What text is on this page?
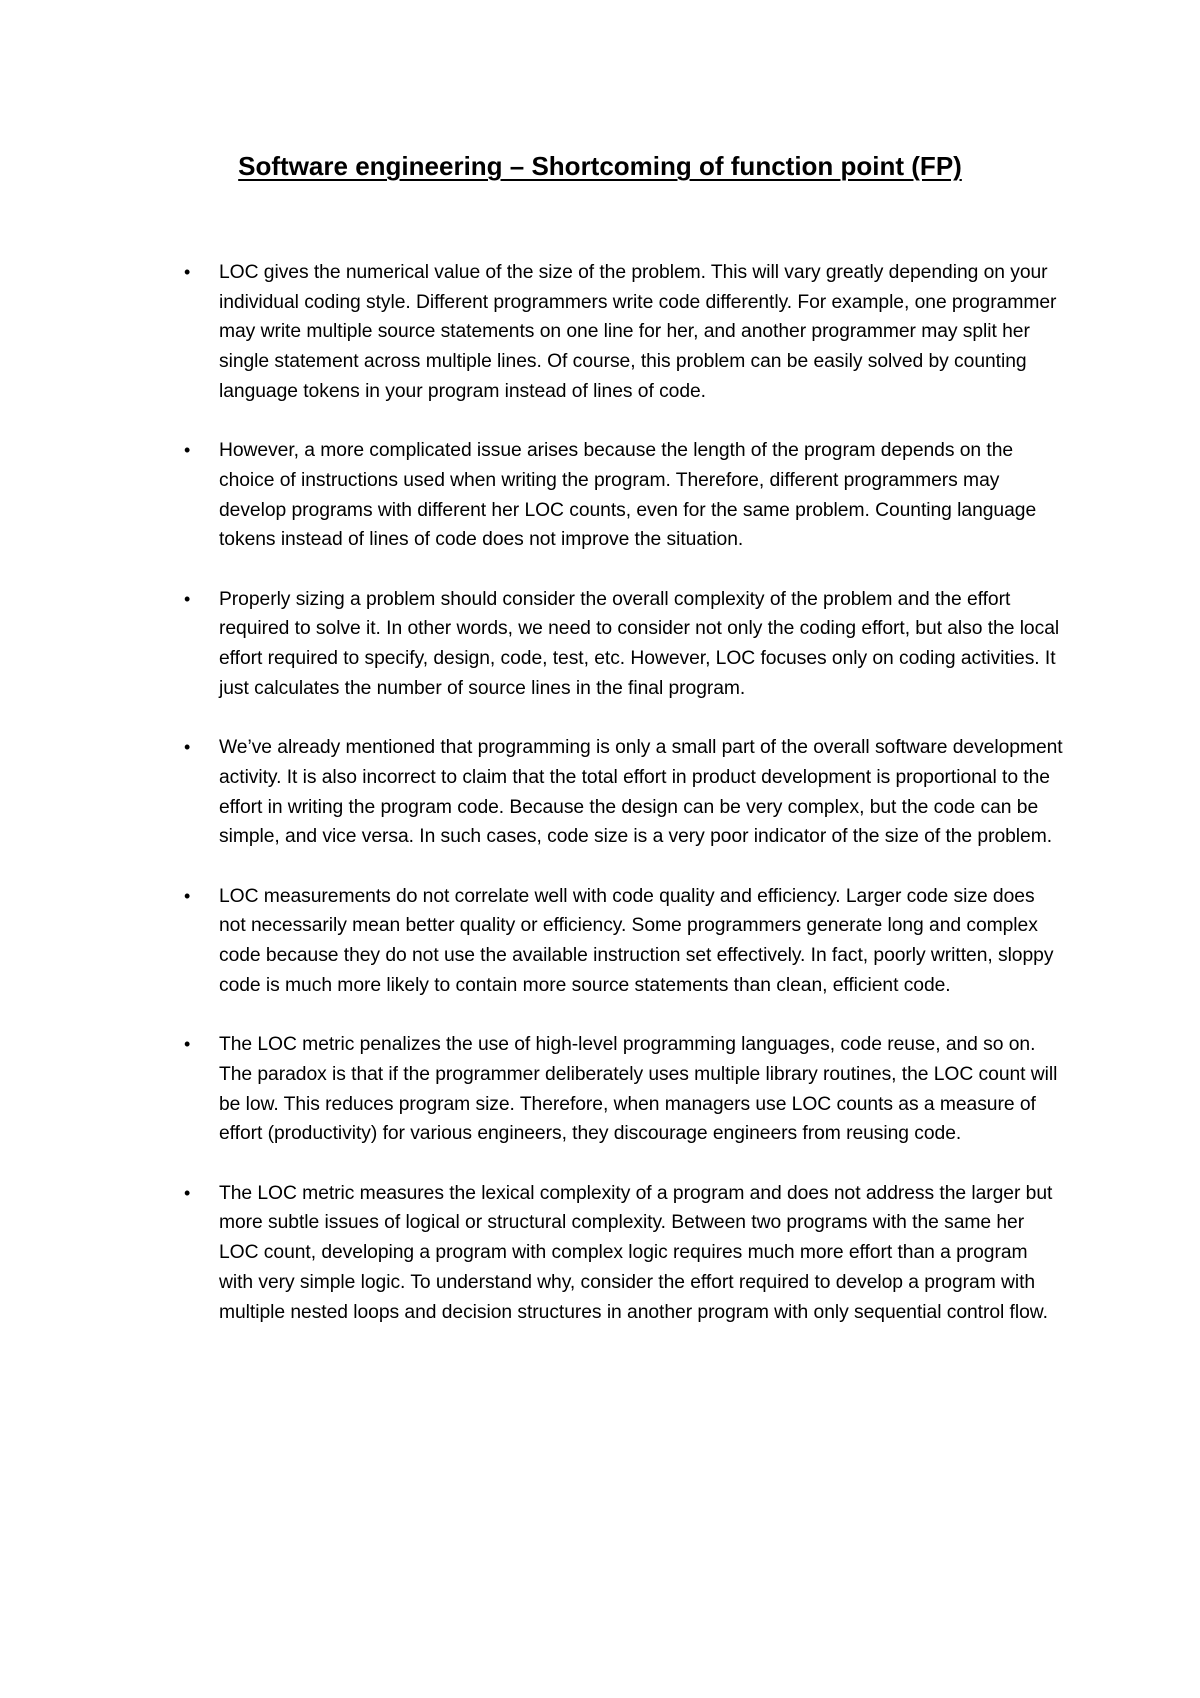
Software engineering – Shortcoming of function point (FP)
•	LOC gives the numerical value of the size of the problem. This will vary greatly depending on your individual coding style. Different programmers write code differently. For example, one programmer may write multiple source statements on one line for her, and another programmer may split her single statement across multiple lines. Of course, this problem can be easily solved by counting language tokens in your program instead of lines of code.
•	However, a more complicated issue arises because the length of the program depends on the choice of instructions used when writing the program. Therefore, different programmers may develop programs with different her LOC counts, even for the same problem. Counting language tokens instead of lines of code does not improve the situation.
•	Properly sizing a problem should consider the overall complexity of the problem and the effort required to solve it. In other words, we need to consider not only the coding effort, but also the local effort required to specify, design, code, test, etc. However, LOC focuses only on coding activities. It just calculates the number of source lines in the final program.
•	We’ve already mentioned that programming is only a small part of the overall software development activity. It is also incorrect to claim that the total effort in product development is proportional to the effort in writing the program code. Because the design can be very complex, but the code can be simple, and vice versa. In such cases, code size is a very poor indicator of the size of the problem.
•	LOC measurements do not correlate well with code quality and efficiency. Larger code size does not necessarily mean better quality or efficiency. Some programmers generate long and complex code because they do not use the available instruction set effectively. In fact, poorly written, sloppy code is much more likely to contain more source statements than clean, efficient code.
•	The LOC metric penalizes the use of high-level programming languages, code reuse, and so on. The paradox is that if the programmer deliberately uses multiple library routines, the LOC count will be low. This reduces program size. Therefore, when managers use LOC counts as a measure of effort (productivity) for various engineers, they discourage engineers from reusing code.
•	The LOC metric measures the lexical complexity of a program and does not address the larger but more subtle issues of logical or structural complexity. Between two programs with the same her LOC count, developing a program with complex logic requires much more effort than a program with very simple logic. To understand why, consider the effort required to develop a program with multiple nested loops and decision structures in another program with only sequential control flow.
